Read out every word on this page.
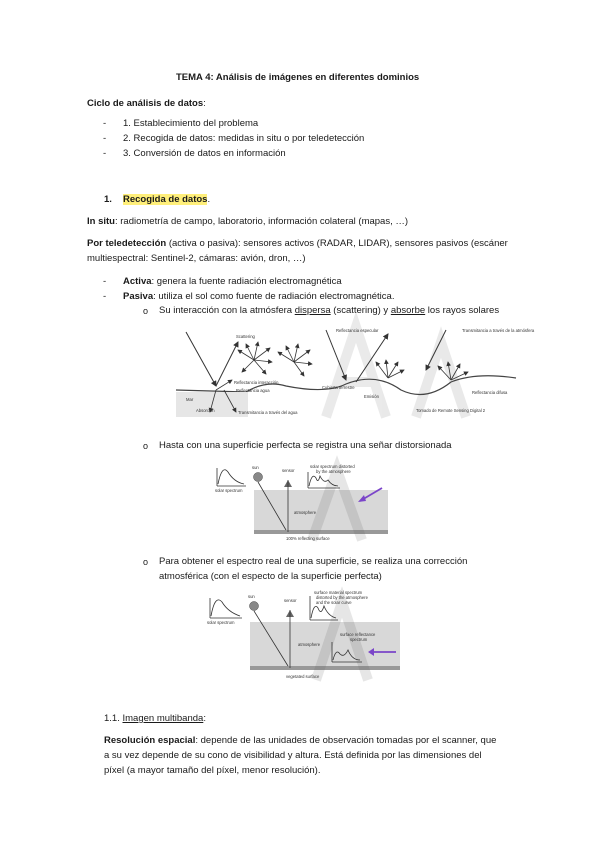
TEMA 4: Análisis de imágenes en diferentes dominios
Ciclo de análisis de datos:
- 1. Establecimiento del problema
- 2. Recogida de datos: medidas in situ o por teledetección
- 3. Conversión de datos en información
1. Recogida de datos.
In situ: radiometría de campo, laboratorio, información colateral (mapas, …)
Por teledetección (activa o pasiva): sensores activos (RADAR, LIDAR), sensores pasivos (escáner
multiespectral: Sentinel-2, cámaras: avión, dron, …)
- Activa: genera la fuente radiación electromagnética
- Pasiva: utiliza el sol como fuente de radiación electromagnética.
o Su interacción con la atmósfera dispersa (scattering) y absorbe los rayos solares
Scattering
Reflectancia especular	Transmitancia a través de la atmósfera
Cubierta terrestre
Emisión
Reflectancia difusa
Reflectancia interacción
Reflectancia agua
Mar
Absorción	Transmitancia a través del agua	Tomado de Remote Sensing Digital 2
o Hasta con una superficie perfecta se registra una señar distorsionada
sun
sensor
solar spectrum
solar spectrum distorted
by the atmosphere
atmosphere
100% reflecting surface
o Para obtener el espectro real de una superficie, se realiza una corrección
atmosférica (con el especto de la superficie perfecta)
sun
sensor
solar spectrum
surface material spectrum
distorted by the atmosphere
and the solar curve
atmosphere
surface reflectance
spectrum
vegetated surface
1.1. Imagen multibanda:
Resolución espacial: depende de las unidades de observación tomadas por el scanner, que
a su vez depende de su cono de visibilidad y altura. Está definida por las dimensiones del
píxel (a mayor tamaño del píxel, menor resolución).
